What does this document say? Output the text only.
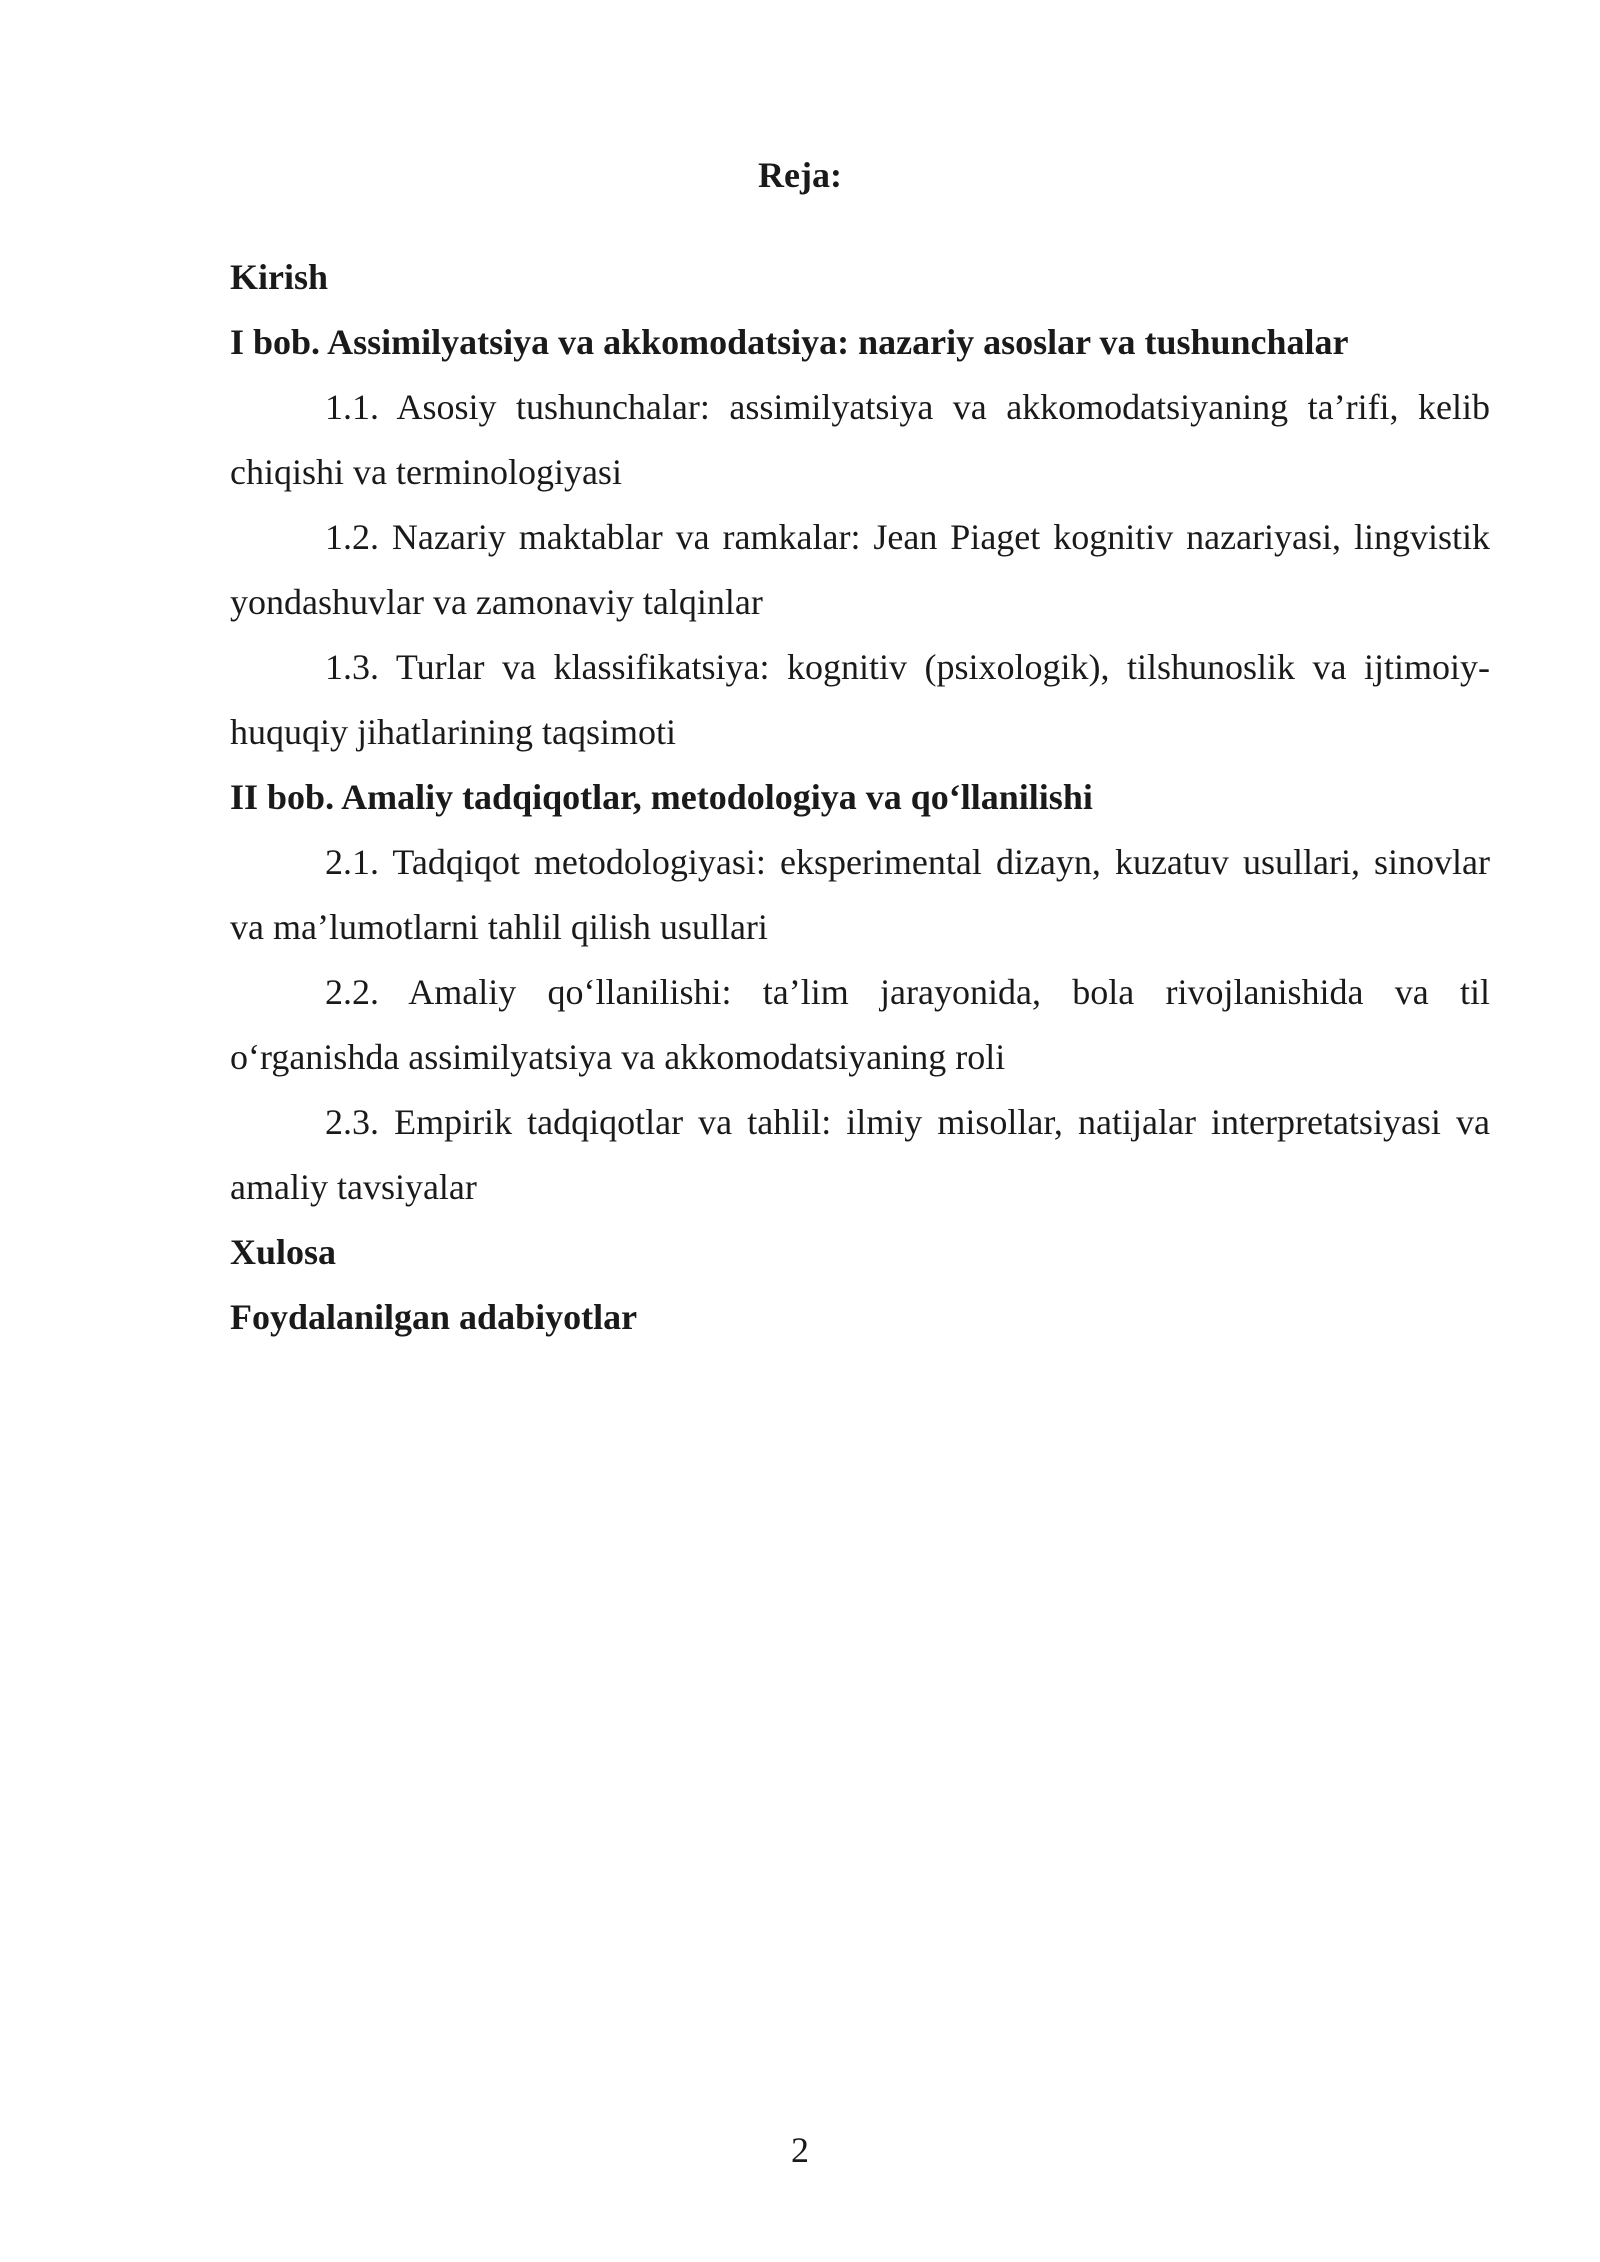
Reja:

Kirish

I bob. Assimilyatsiya va akkomodatsiya: nazariy asoslar va tushunchalar

1.1. Asosiy tushunchalar: assimilyatsiya va akkomodatsiyaning ta’rifi, kelib chiqishi va terminologiyasi

1.2. Nazariy maktablar va ramkalar: Jean Piaget kognitiv nazariyasi, lingvistik yondashuvlar va zamonaviy talqinlar

1.3. Turlar va klassifikatsiya: kognitiv (psixologik), tilshunoslik va ijtimoiy-huquqiy jihatlarining taqsimoti

II bob. Amaliy tadqiqotlar, metodologiya va qo‘llanilishi

2.1. Tadqiqot metodologiyasi: eksperimental dizayn, kuzatuv usullari, sinovlar va ma’lumotlarni tahlil qilish usullari

2.2. Amaliy qo‘llanilishi: ta’lim jarayonida, bola rivojlanishida va til o‘rganishda assimilyatsiya va akkomodatsiyaning roli

2.3. Empirik tadqiqotlar va tahlil: ilmiy misollar, natijalar interpretatsiyasi va amaliy tavsiyalar

Xulosa

Foydalanilgan adabiyotlar

2
